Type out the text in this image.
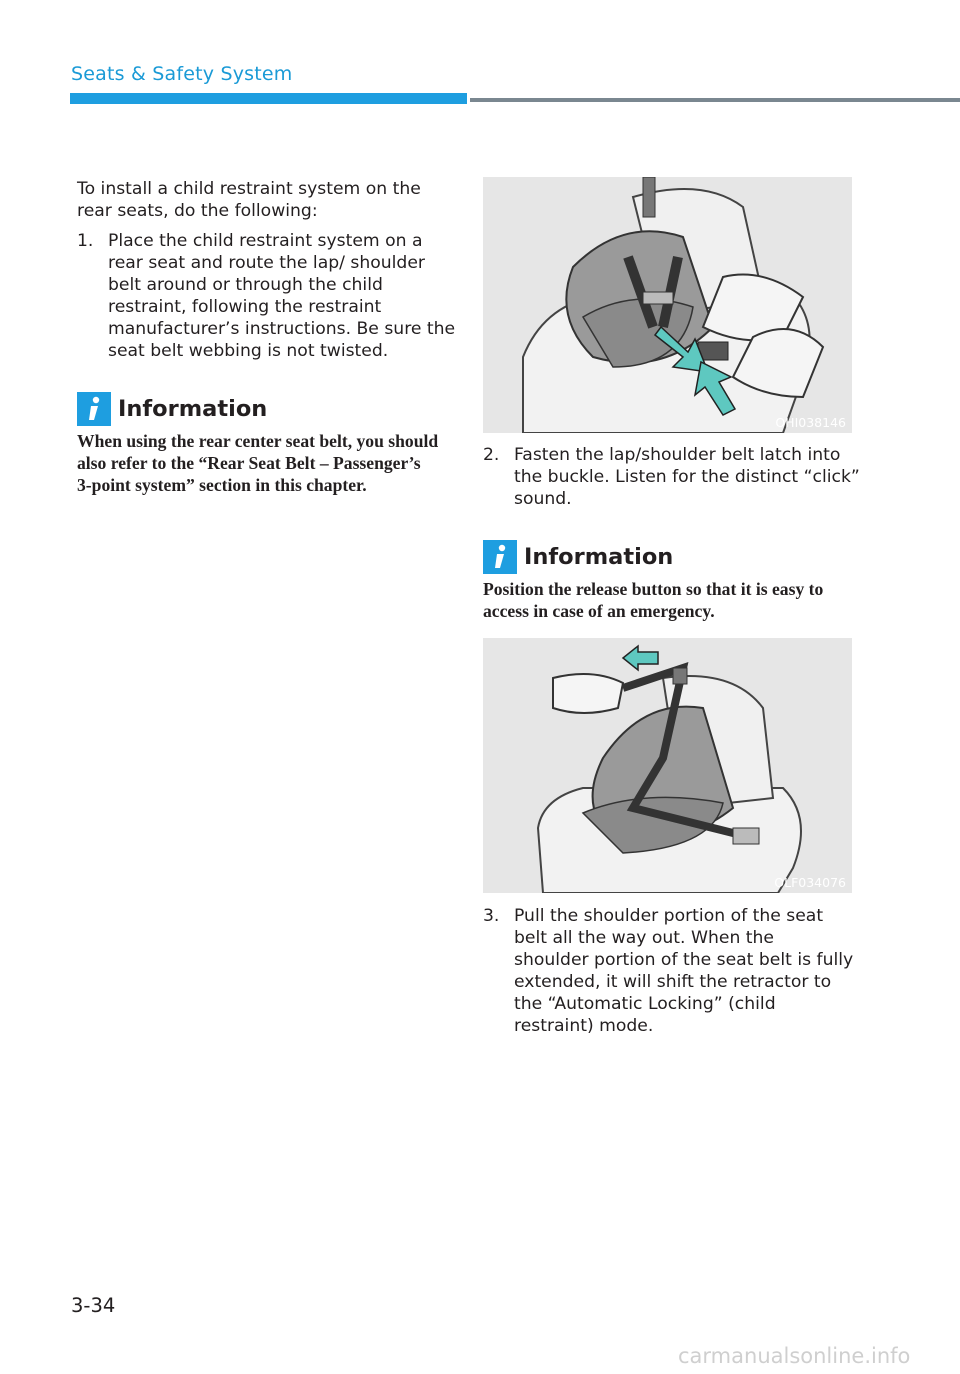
Seats & Safety System

To install a child restraint system on the rear seats, do the following:

1. Place the child restraint system on a rear seat and route the lap/ shoulder belt around or through the child restraint, following the restraint manufacturer’s instructions. Be sure the seat belt webbing is not twisted.
Information

When using the rear center seat belt, you should also refer to the “Rear Seat Belt – Passenger’s 3-point system” section in this chapter.

OHI038146
2. Fasten the lap/shoulder belt latch into the buckle. Listen for the distinct “click” sound.
Information

Position the release button so that it is easy to access in case of an emergency.

OLF034076
3. Pull the shoulder portion of the seat belt all the way out. When the shoulder portion of the seat belt is fully extended, it will shift the retractor to the “Automatic Locking” (child restraint) mode.
3-34
carmanualsonline.info
